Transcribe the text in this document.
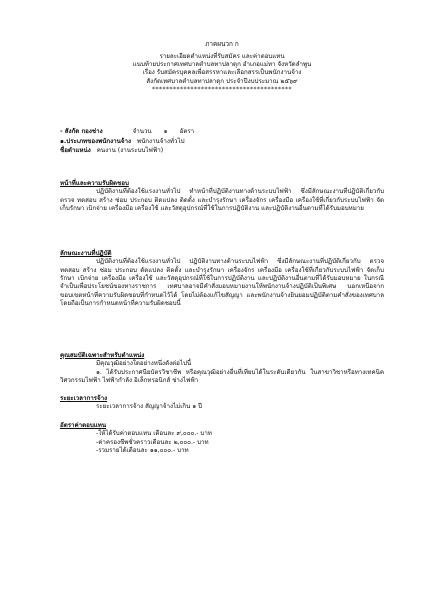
ภาคผนวก ก

รายละเอียดตำแหน่งที่รับสมัคร และค่าตอบแทน

แนบท้ายประกาศเทศบาลตำบลทาปลาดุก อำเภอแม่ทา จังหวัดลำพูน

เรื่อง รับสมัครบุคคลเพื่อสรรหาและเลือกสรรเป็นพนักงานจ้าง

สังกัดเทศบาลตำบลทาปลาดุก ประจำปีงบประมาณ ๒๕๖๙

****************************************

- สังกัด กองช่าง	จำนวน ๑ อัตรา
๑.ประเภทของพนักงานจ้าง พนักงานจ้างทั่วไป
ชื่อตำแหน่ง คนงาน (งานระบบไฟฟ้า)

หน้าที่และความรับผิดชอบ

ปฏิบัติงานที่ต้องใช้แรงงานทั่วไป ทำหน้าที่ปฏิบัติงานทางด้านระบบไฟฟ้า ซึ่งมีลักษณะงานที่ปฏิบัติเกี่ยวกับ ตรวจ ทดสอบ สร้าง ซ่อม ประกอบ ติดแปลง ติดตั้ง และบำรุงรักษา เครื่องจักร เครื่องมือ เครื่องใช้ที่เกี่ยวกับระบบไฟฟ้า จัดเก็บรักษา เบิกจ่าย เครื่องมือ เครื่องใช้ และวัสดุอุปกรณ์ที่ใช้ในการปฏิบัติงาน และปฏิบัติงานอื่นตามที่ได้รับมอบหมาย

ลักษณะงานที่ปฏิบัติ

ปฏิบัติงานที่ต้องใช้แรงงานทั่วไป ปฏิบัติงานทางด้านระบบไฟฟ้า ซึ่งมีลักษณะงานที่ปฏิบัติเกี่ยวกับ ตรวจ ทดสอบ สร้าง ซ่อม ประกอบ ดัดแปลง ติดตั้ง และบำรุงรักษา เครื่องจักร เครื่องมือ เครื่องใช้ที่เกี่ยวกับระบบไฟฟ้า จัดเก็บรักษา เบิกจ่าย เครื่องมือ เครื่องใช้ และวัสดุอุปกรณ์ที่ใช้ในการปฏิบัติงาน และปฏิบัติงานอื่นตามที่ได้รับมอบหมาย ในกรณีจำเป็นเพื่อประโยชน์ของทางราชการ เทศบาลอาจมีคำสั่งมอบหมายงานให้พนักงานจ้างปฏิบัติเป็นพิเศษ นอกเหนือจากขอบเขตหน้าที่ความรับผิดชอบที่กำหนดไว้ได้ โดยไม่ต้องแก้ไขสัญญา และพนักงานจ้างยินยอมปฏิบัติตามคำสั่งของเทศบาล โดยถือเป็นการกำหนดหน้าที่ความรับผิดชอบนี้

คุณสมบัติเฉพาะสำหรับตำแหน่ง

มีคุณวุฒิอย่างใดอย่างหนึ่งดังต่อไปนี้

๑. ได้รับประกาศนียบัตรวิชาชีพ หรือคุณวุฒิอย่างอื่นที่เทียบได้ในระดับเดียวกัน ในสาขาวิชาหรือทางเทคนิควิศวกรรมไฟฟ้า ไฟฟ้ากำลัง อิเล็กทรอนิกส์ ช่างไฟฟ้า

ระยะเวลาการจ้าง

ระยะเวลาการจ้าง สัญญาจ้างไม่เกิน ๑ ปี

อัตราค่าตอบแทน

-ให้ได้รับค่าตอบแทน เดือนละ ๙,๐๐๐.- บาท

-ค่าครองชีพชั่วคราวเดือนละ ๒,๐๐๐.- บาท

-รวมรายได้เดือนละ ๑๑,๐๐๐.- บาท
